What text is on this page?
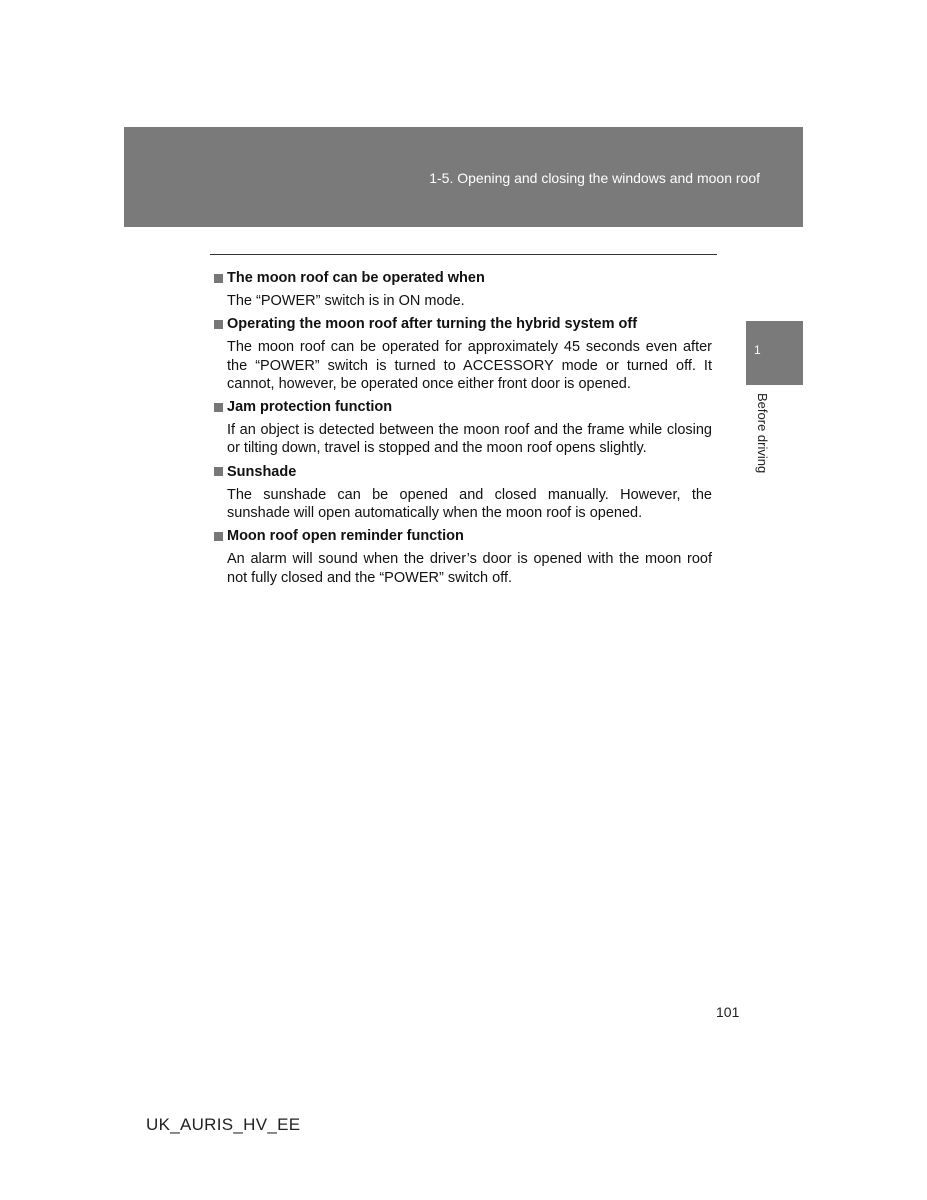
1-5. Opening and closing the windows and moon roof
The moon roof can be operated when
The “POWER” switch is in ON mode.
Operating the moon roof after turning the hybrid system off
The moon roof can be operated for approximately 45 seconds even after the “POWER” switch is turned to ACCESSORY mode or turned off. It cannot, however, be operated once either front door is opened.
Jam protection function
If an object is detected between the moon roof and the frame while closing or tilting down, travel is stopped and the moon roof opens slightly.
Sunshade
The sunshade can be opened and closed manually. However, the sunshade will open automatically when the moon roof is opened.
Moon roof open reminder function
An alarm will sound when the driver’s door is opened with the moon roof not fully closed and the “POWER” switch off.
1
Before driving
101
UK_AURIS_HV_EE
